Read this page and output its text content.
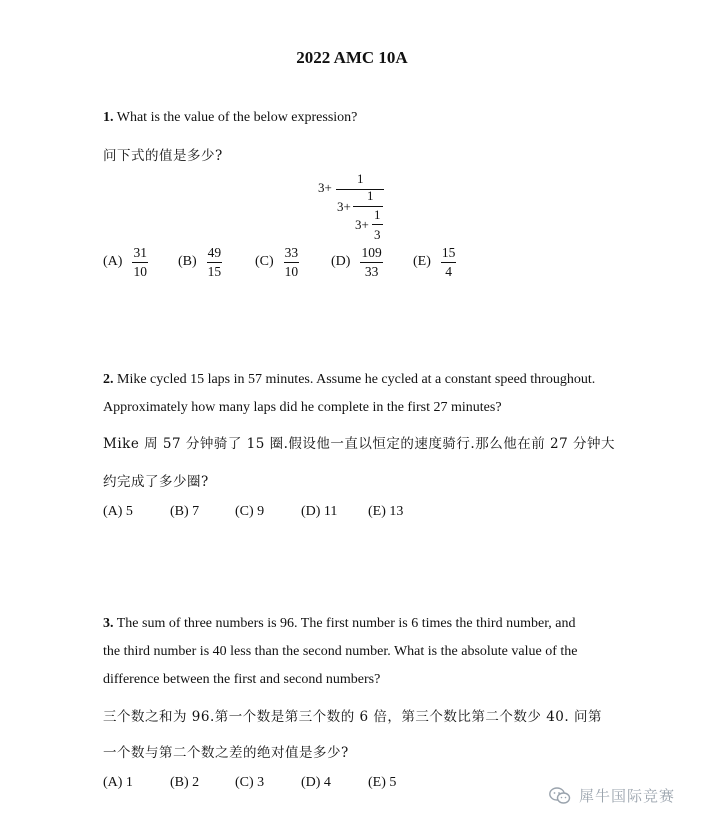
2022 AMC 10A
1. What is the value of the below expression?
问下式的值是多少?
3+
1
3+
1
3+
1
3
$(A) \frac{31}{10} (B) \frac{49}{15} (C) \frac{33}{10} (D) \frac{109}{33} (E) \frac{15}{4}$
2. Mike cycled 15 laps in 57 minutes. Assume he cycled at a constant speed throughout.
Approximately how many laps did he complete in the first 27 minutes?
Mike 周 57 分钟骑了 15 圈.假设他一直以恒定的速度骑行.那么他在前 27 分钟大
约完成了多少圈?
(A) 5	(B) 7	(C) 9	(D) 11 (E) 13
3. The sum of three numbers is 96. The first number is 6 times the third number, and
the third number is 40 less than the second number. What is the absolute value of the
difference between the first and second numbers?
三个数之和为 96.第一个数是第三个数的 6 倍，第三个数比第二个数少 40. 问第
一个数与第二个数之差的绝对值是多少?
(A) 1	(B) 2	(C) 3	(D) 4	(E) 5
犀牛国际竞赛
